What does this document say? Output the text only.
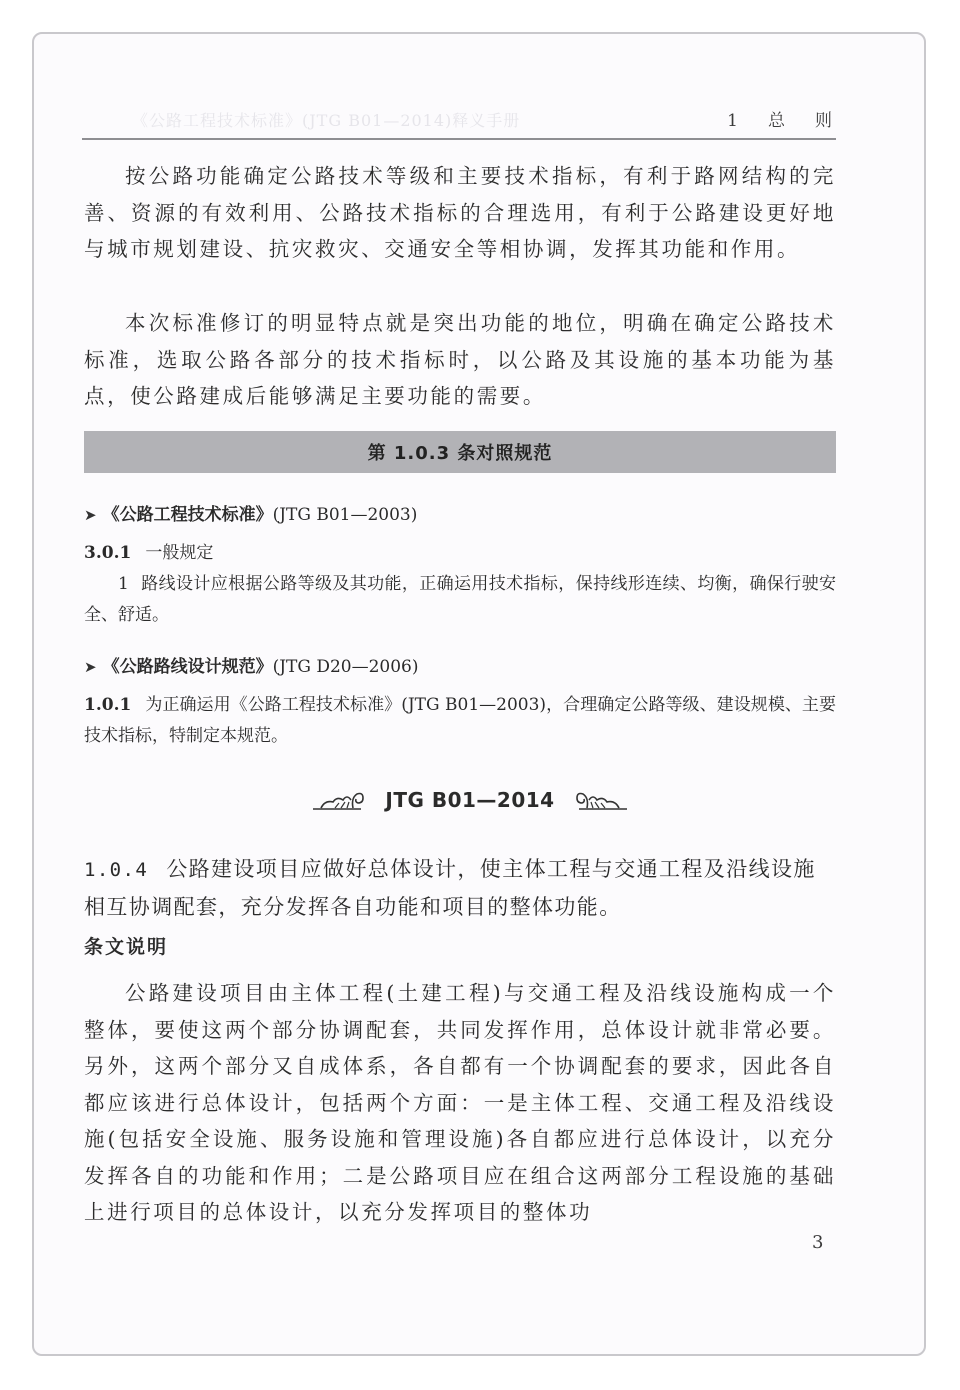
《公路工程技术标准》(JTG B01—2014)释义手册	1 总 则

按公路功能确定公路技术等级和主要技术指标，有利于路网结构的完善、资源的有效利用、公路技术指标的合理选用，有利于公路建设更好地与城市规划建设、抗灾救灾、交通安全等相协调，发挥其功能和作用。

本次标准修订的明显特点就是突出功能的地位，明确在确定公路技术标准，选取公路各部分的技术指标时，以公路及其设施的基本功能为基点，使公路建成后能够满足主要功能的需要。

第 1.0.3 条对照规范

➤ 《公路工程技术标准》(JTG B01—2003)

3.0.1 一般规定

1 路线设计应根据公路等级及其功能，正确运用技术指标，保持线形连续、均衡，确保行驶安全、舒适。

➤ 《公路路线设计规范》(JTG D20—2006)

1.0.1 为正确运用《公路工程技术标准》(JTG B01—2003)，合理确定公路等级、建设规模、主要技术指标，特制定本规范。

JTG B01—2014

1.0.4 公路建设项目应做好总体设计，使主体工程与交通工程及沿线设施相互协调配套，充分发挥各自功能和项目的整体功能。

条文说明

公路建设项目由主体工程(土建工程)与交通工程及沿线设施构成一个整体，要使这两个部分协调配套，共同发挥作用，总体设计就非常必要。另外，这两个部分又自成体系，各自都有一个协调配套的要求，因此各自都应该进行总体设计，包括两个方面：一是主体工程、交通工程及沿线设施(包括安全设施、服务设施和管理设施)各自都应进行总体设计，以充分发挥各自的功能和作用；二是公路项目应在组合这两部分工程设施的基础上进行项目的总体设计，以充分发挥项目的整体功

3
